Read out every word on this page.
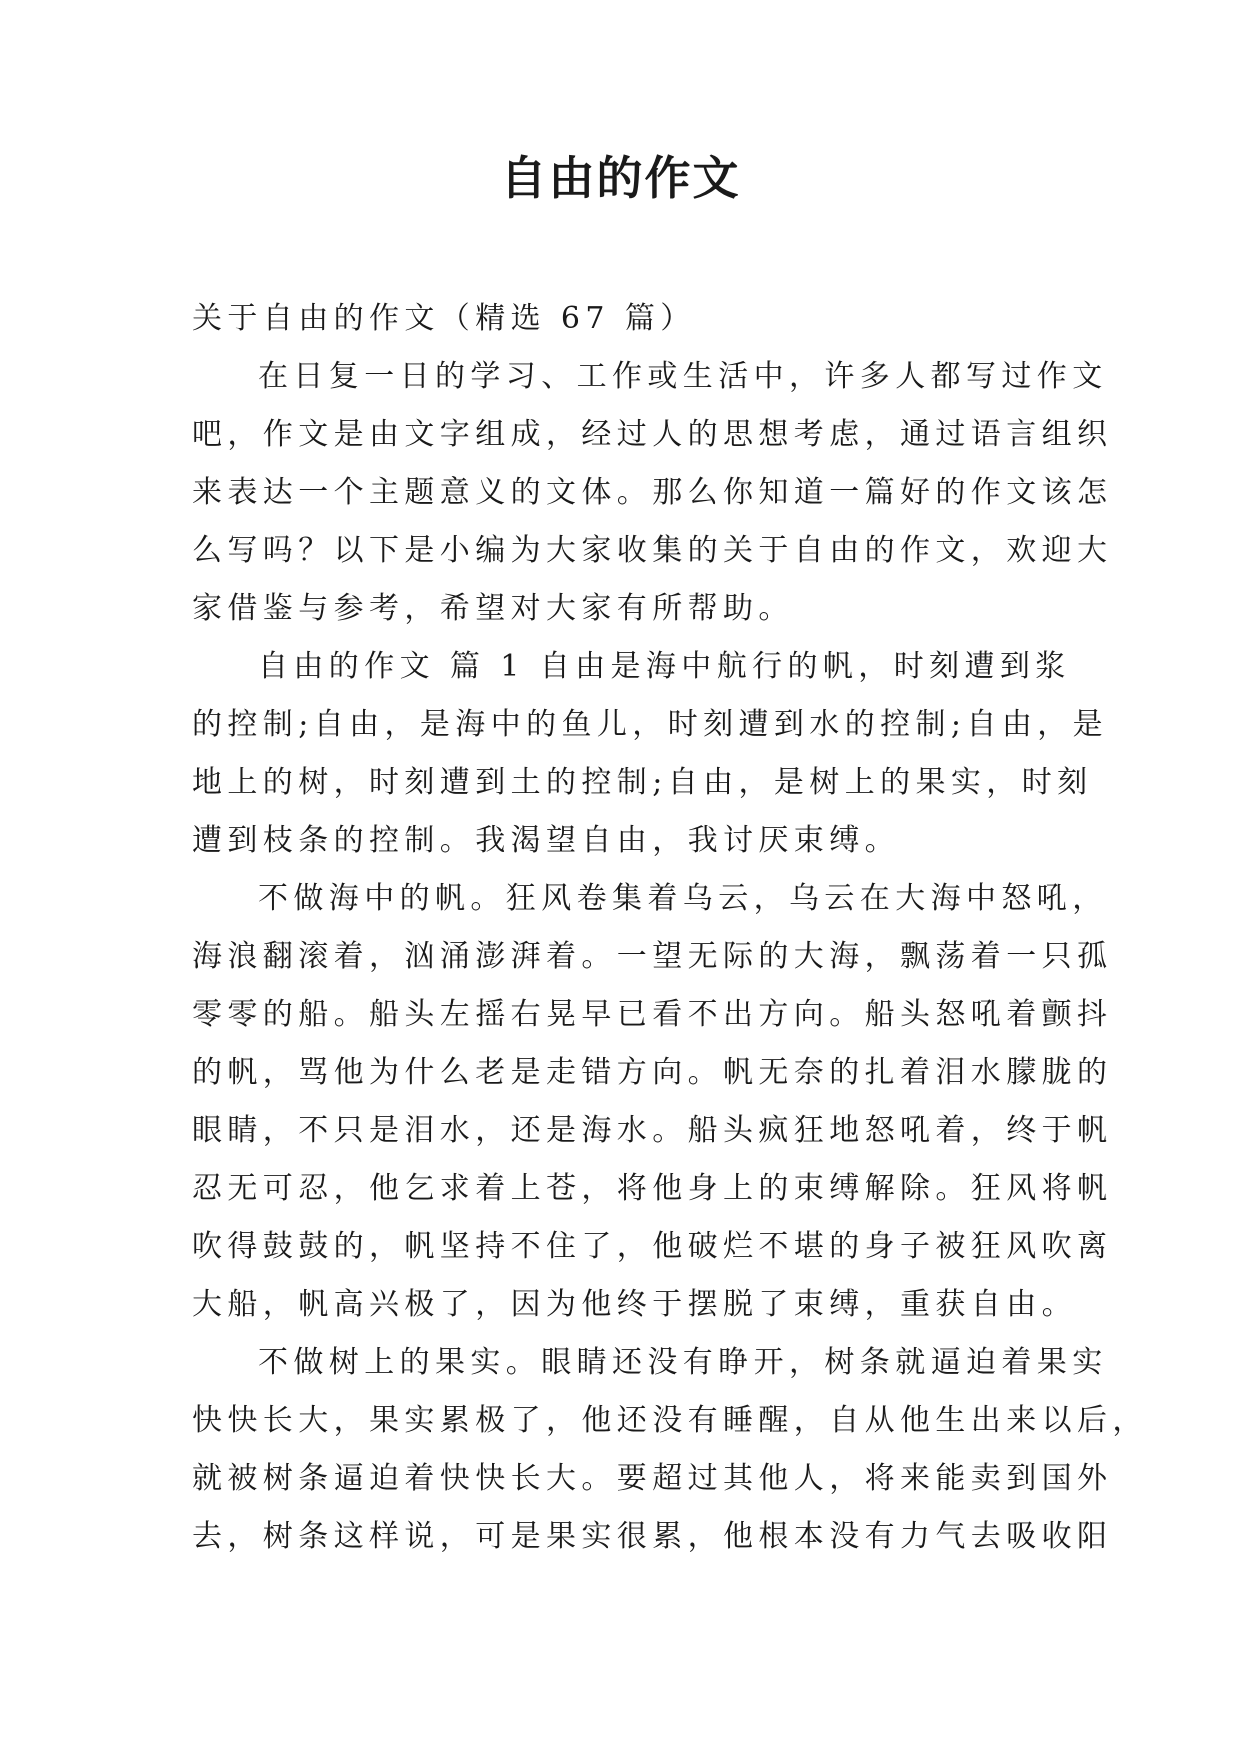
自由的作文
关于自由的作文（精选 67 篇）
在日复一日的学习、工作或生活中，许多人都写过作文
吧，作文是由文字组成，经过人的思想考虑，通过语言组织
来表达一个主题意义的文体。那么你知道一篇好的作文该怎
么写吗？以下是小编为大家收集的关于自由的作文，欢迎大
家借鉴与参考，希望对大家有所帮助。
自由的作文 篇 1 自由是海中航行的帆，时刻遭到浆
的控制;自由，是海中的鱼儿，时刻遭到水的控制;自由，是
地上的树，时刻遭到土的控制;自由，是树上的果实，时刻
遭到枝条的控制。我渴望自由，我讨厌束缚。
不做海中的帆。狂风卷集着乌云，乌云在大海中怒吼，
海浪翻滚着，汹涌澎湃着。一望无际的大海，飘荡着一只孤
零零的船。船头左摇右晃早已看不出方向。船头怒吼着颤抖
的帆，骂他为什么老是走错方向。帆无奈的扎着泪水朦胧的
眼睛，不只是泪水，还是海水。船头疯狂地怒吼着，终于帆
忍无可忍，他乞求着上苍，将他身上的束缚解除。狂风将帆
吹得鼓鼓的，帆坚持不住了，他破烂不堪的身子被狂风吹离
大船，帆高兴极了，因为他终于摆脱了束缚，重获自由。
不做树上的果实。眼睛还没有睁开，树条就逼迫着果实
快快长大，果实累极了，他还没有睡醒，自从他生出来以后，
就被树条逼迫着快快长大。要超过其他人，将来能卖到国外
去，树条这样说，可是果实很累，他根本没有力气去吸收阳
